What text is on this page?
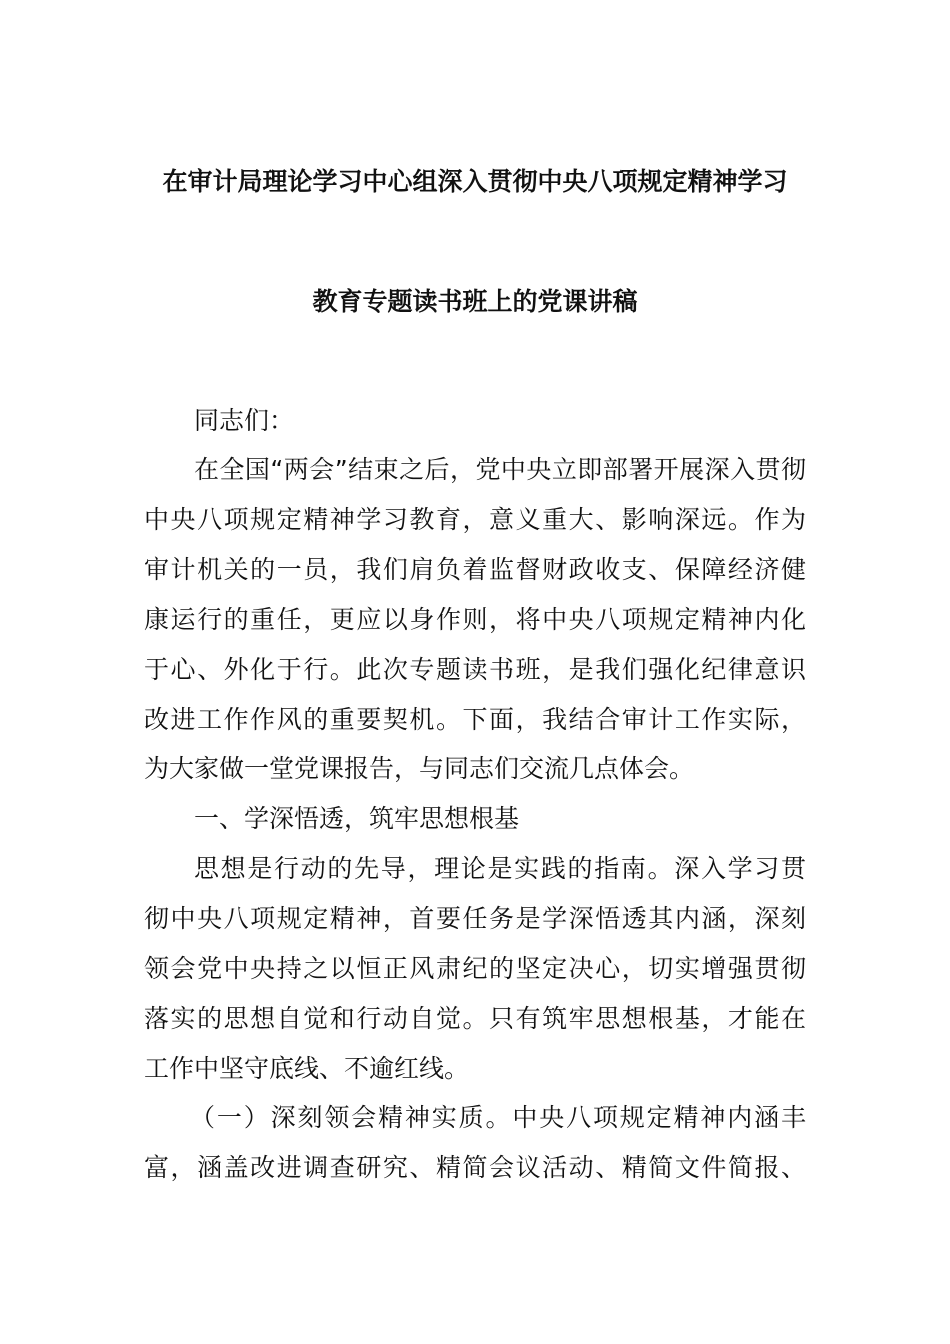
在审计局理论学习中心组深入贯彻中央八项规定精神学习
教育专题读书班上的党课讲稿
同志们：
在全国“两会”结束之后，党中央立即部署开展深入贯彻
中央八项规定精神学习教育，意义重大、影响深远。作为
审计机关的一员，我们肩负着监督财政收支、保障经济健
康运行的重任，更应以身作则，将中央八项规定精神内化
于心、外化于行。此次专题读书班，是我们强化纪律意识
改进工作作风的重要契机。下面，我结合审计工作实际，
为大家做一堂党课报告，与同志们交流几点体会。
一、学深悟透，筑牢思想根基
思想是行动的先导，理论是实践的指南。深入学习贯
彻中央八项规定精神，首要任务是学深悟透其内涵，深刻
领会党中央持之以恒正风肃纪的坚定决心，切实增强贯彻
落实的思想自觉和行动自觉。只有筑牢思想根基，才能在
工作中坚守底线、不逾红线。
（一）深刻领会精神实质。中央八项规定精神内涵丰
富，涵盖改进调查研究、精简会议活动、精简文件简报、
